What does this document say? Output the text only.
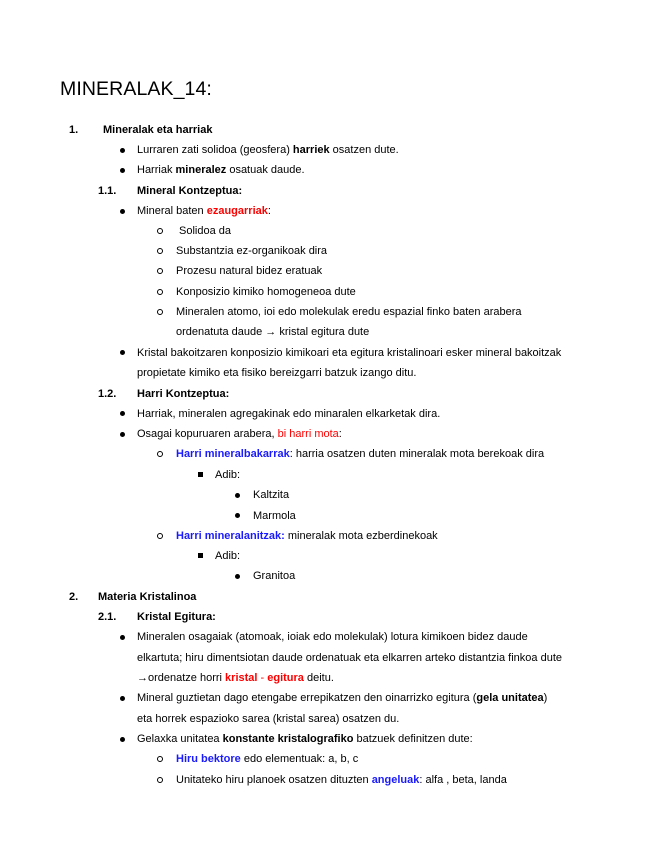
MINERALAK_14:
1. Mineralak eta harriak
Lurraren zati solidoa (geosfera) harriek osatzen dute.
Harriak mineralez osatuak daude.
1.1. Mineral Kontzeptua:
Mineral baten ezaugarriak:
Solidoa da
Substantzia ez-organikoak dira
Prozesu natural bidez eratuak
Konposizio kimiko homogeneoa dute
Mineralen atomo, ioi edo molekulak eredu espazial finko baten arabera
ordenatuta daude → kristal egitura dute
Kristal bakoitzaren konposizio kimikoari eta egitura kristalinoari esker mineral bakoitzak
propietate kimiko eta fisiko bereizgarri batzuk izango ditu.
1.2. Harri Kontzeptua:
Harriak, mineralen agregakinak edo minaralen elkarketak dira.
Osagai kopuruaren arabera, bi harri mota:
Harri mineralbakarrak: harria osatzen duten mineralak mota berekoak dira
Adib:
Kaltzita
Marmola
Harri mineralanitzak: mineralak mota ezberdinekoak
Adib:
Granitoa
2. Materia Kristalinoa
2.1. Kristal Egitura:
Mineralen osagaiak (atomoak, ioiak edo molekulak) lotura kimikoen bidez daude
elkartuta; hiru dimentsiotan daude ordenatuak eta elkarren arteko distantzia finkoa dute
→ordenatze horri kristal - egitura deitu.
Mineral guztietan dago etengabe errepikatzen den oinarrizko egitura (gela unitatea)
eta horrek espazioko sarea (kristal sarea) osatzen du.
Gelaxka unitatea konstante kristalografiko batzuek definitzen dute:
Hiru bektore edo elementuak: a, b, c
Unitateko hiru planoek osatzen dituzten angeluak: alfa , beta, landa
